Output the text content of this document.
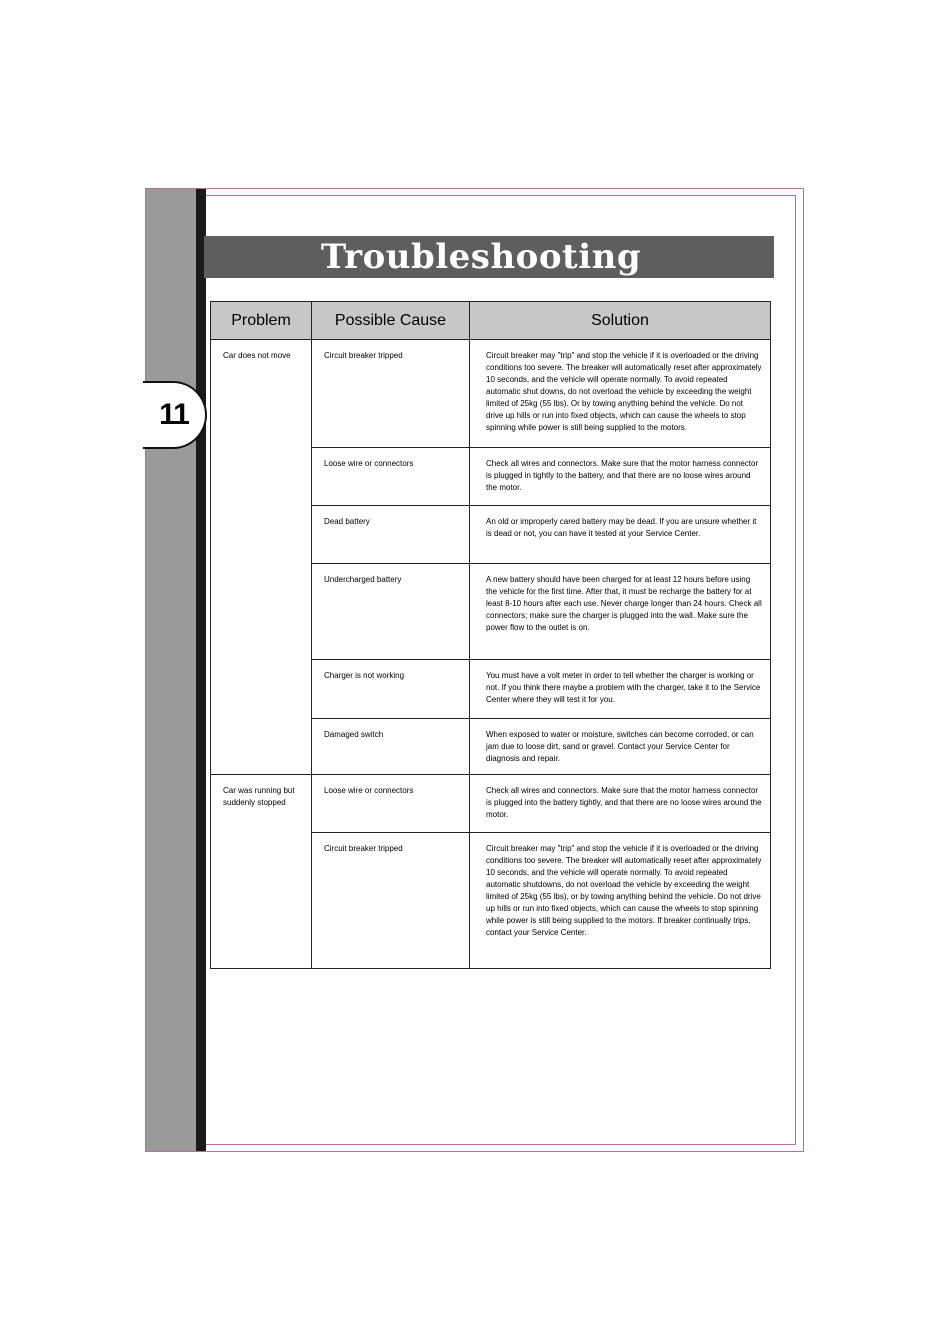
11
Troubleshooting
Problem	Possible Cause	Solution
Car does not move	Circuit breaker tripped	Circuit breaker may "trip" and stop the vehicle if it is overloaded or the driving conditions too severe. The breaker will automatically reset after approximately 10 seconds, and the vehicle will operate normally. To avoid repeated automatic shut downs, do not overload the vehicle by exceeding the weight limited of 25kg (55 lbs). Or by towing anything behind the vehicle. Do not drive up hills or run into fixed objects, which can cause the wheels to stop spinning while power is still being supplied to the motors.
	Loose wire or connectors	Check all wires and connectors. Make sure that the motor harness connector is plugged in tightly to the battery, and that there are no loose wires around the motor.
	Dead battery	An old or improperly cared battery may be dead. If you are unsure whether it is dead or not, you can have it tested at your Service Center.
	Undercharged battery	A new battery should have been charged for at least 12 hours before using the vehicle for the first time. After that, it must be recharge the battery for at least 8-10 hours after each use. Never charge longer than 24 hours. Check all connectors; make sure the charger is plugged into the wall. Make sure the power flow to the outlet is on.
	Charger is not working	You must have a volt meter in order to tell whether the charger is working or not. If you think there maybe a problem with the charger, take it to the Service Center where they will test it for you.
	Damaged switch	When exposed to water or moisture, switches can become corroded, or can jam due to loose dirt, sand or gravel. Contact your Service Center for diagnosis and repair.
Car was running but suddenly stopped	Loose wire or connectors	Check all wires and connectors. Make sure that the motor harness connector is plugged into the battery tightly, and that there are no loose wires around the motor.
	Circuit breaker tripped	Circuit breaker may "trip" and stop the vehicle if it is overloaded or the driving conditions too severe. The breaker will automatically reset after approximately 10 seconds, and the vehicle will operate normally. To avoid repeated automatic shutdowns, do not overload the vehicle by exceeding the weight limited of 25kg (55 lbs), or by towing anything behind the vehicle. Do not drive up hills or run into fixed objects, which can cause the wheels to stop spinning while power is still being supplied to the motors. If breaker continually trips, contact your Service Center.
